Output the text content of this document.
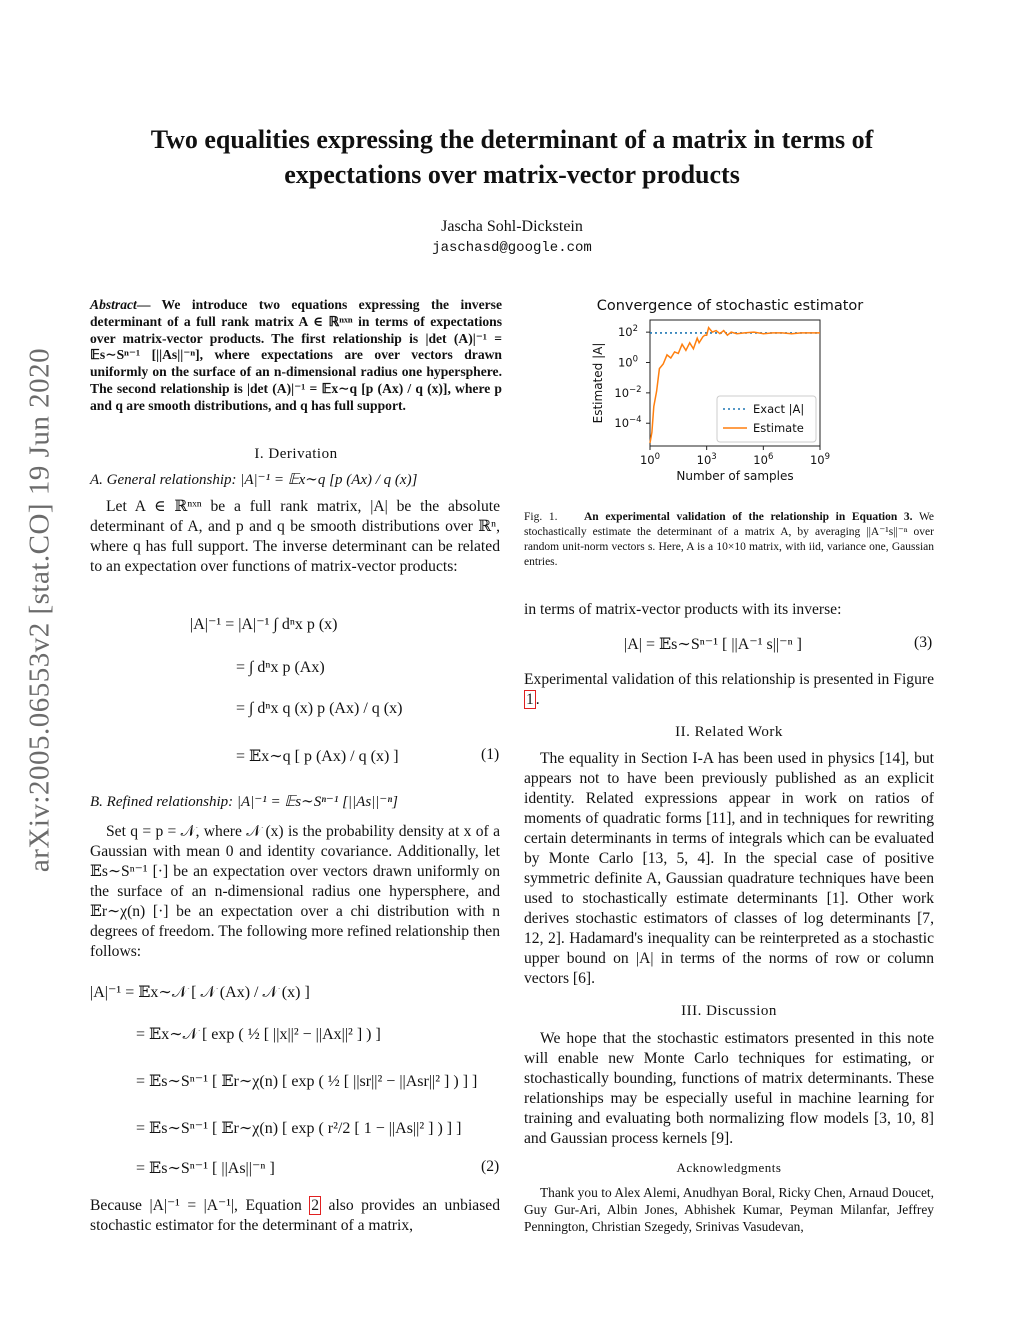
arXiv:2005.06553v2 [stat.CO] 19 Jun 2020
Two equalities expressing the determinant of a matrix in terms of
expectations over matrix-vector products
Jascha Sohl-Dickstein
jaschasd@google.com
Abstract— We introduce two equations expressing the inverse determinant of a full rank matrix A ∈ ℝⁿˣⁿ in terms of expectations over matrix-vector products. The first relationship is |det (A)|⁻¹ = 𝔼s∼Sⁿ⁻¹ [||As||⁻ⁿ], where expectations are over vectors drawn uniformly on the surface of an n-dimensional radius one hypersphere. The second relationship is |det (A)|⁻¹ = 𝔼x∼q [p (Ax) / q (x)], where p and q are smooth distributions, and q has full support.
I. Derivation
A. General relationship: |A|⁻¹ = 𝔼x∼q [p (Ax) / q (x)]
Let A ∈ ℝⁿˣⁿ be a full rank matrix, |A| be the absolute determinant of A, and p and q be smooth distributions over ℝⁿ, where q has full support. The inverse determinant can be related to an expectation over functions of matrix-vector products:
|A|⁻¹ = |A|⁻¹ ∫ dⁿx p (x)
= ∫ dⁿx p (Ax)
= ∫ dⁿx q (x) p (Ax) / q (x)
= 𝔼x∼q [ p (Ax) / q (x) ]	(1)
B. Refined relationship: |A|⁻¹ = 𝔼s∼Sⁿ⁻¹ [||As||⁻ⁿ]
Set q = p = 𝒩, where 𝒩 (x) is the probability density at x of a Gaussian with mean 0 and identity covariance. Additionally, let 𝔼s∼Sⁿ⁻¹ [·] be an expectation over vectors drawn uniformly on the surface of an n-dimensional radius one hypersphere, and 𝔼r∼χ(n) [·] be an expectation over a chi distribution with n degrees of freedom. The following more refined relationship then follows:
|A|⁻¹ = 𝔼x∼𝒩 [ 𝒩 (Ax) / 𝒩 (x) ]
= 𝔼x∼𝒩 [ exp ( ½ [ ||x||² − ||Ax||² ] ) ]
= 𝔼s∼Sⁿ⁻¹ [ 𝔼r∼χ(n) [ exp ( ½ [ ||sr||² − ||Asr||² ] ) ] ]
= 𝔼s∼Sⁿ⁻¹ [ 𝔼r∼χ(n) [ exp ( r²/2 [ 1 − ||As||² ] ) ] ]
= 𝔼s∼Sⁿ⁻¹ [ ||As||⁻ⁿ ]	(2)
Because |A|⁻¹ = |A⁻¹|, Equation 2 also provides an unbiased stochastic estimator for the determinant of a matrix,
Convergence of stochastic estimator
$10^2$
$10^0$
$10^{-2}$
$10^{-4}$
$10^0$	$10^3$	$10^6$	$10^9$
Estimated |A|
Number of samples
Exact |A|
Estimate
Fig. 1. An experimental validation of the relationship in Equation 3. We stochastically estimate the determinant of a matrix A, by averaging ||A⁻¹s||⁻ⁿ over random unit-norm vectors s. Here, A is a 10×10 matrix, with iid, variance one, Gaussian entries.
in terms of matrix-vector products with its inverse:
|A| = 𝔼s∼Sⁿ⁻¹ [ ||A⁻¹ s||⁻ⁿ ]	(3)
Experimental validation of this relationship is presented in Figure 1 .
II. Related Work
The equality in Section I-A has been used in physics [14], but appears not to have been previously published as an explicit identity. Related expressions appear in work on ratios of moments of quadratic forms [11], and in techniques for rewriting certain determinants in terms of integrals which can be evaluated by Monte Carlo [13, 5, 4]. In the special case of positive symmetric definite A, Gaussian quadrature techniques have been used to stochastically estimate determinants [1]. Other work derives stochastic estimators of classes of log determinants [7, 12, 2]. Hadamard's inequality can be reinterpreted as a stochastic upper bound on |A| in terms of the norms of row or column vectors [6].
III. Discussion
We hope that the stochastic estimators presented in this note will enable new Monte Carlo techniques for estimating, or stochastically bounding, functions of matrix determinants. These relationships may be especially useful in machine learning for training and evaluating both normalizing flow models [3, 10, 8] and Gaussian process kernels [9].
Acknowledgments
Thank you to Alex Alemi, Anudhyan Boral, Ricky Chen, Arnaud Doucet, Guy Gur-Ari, Albin Jones, Abhishek Kumar, Peyman Milanfar, Jeffrey Pennington, Christian Szegedy, Srinivas Vasudevan,
